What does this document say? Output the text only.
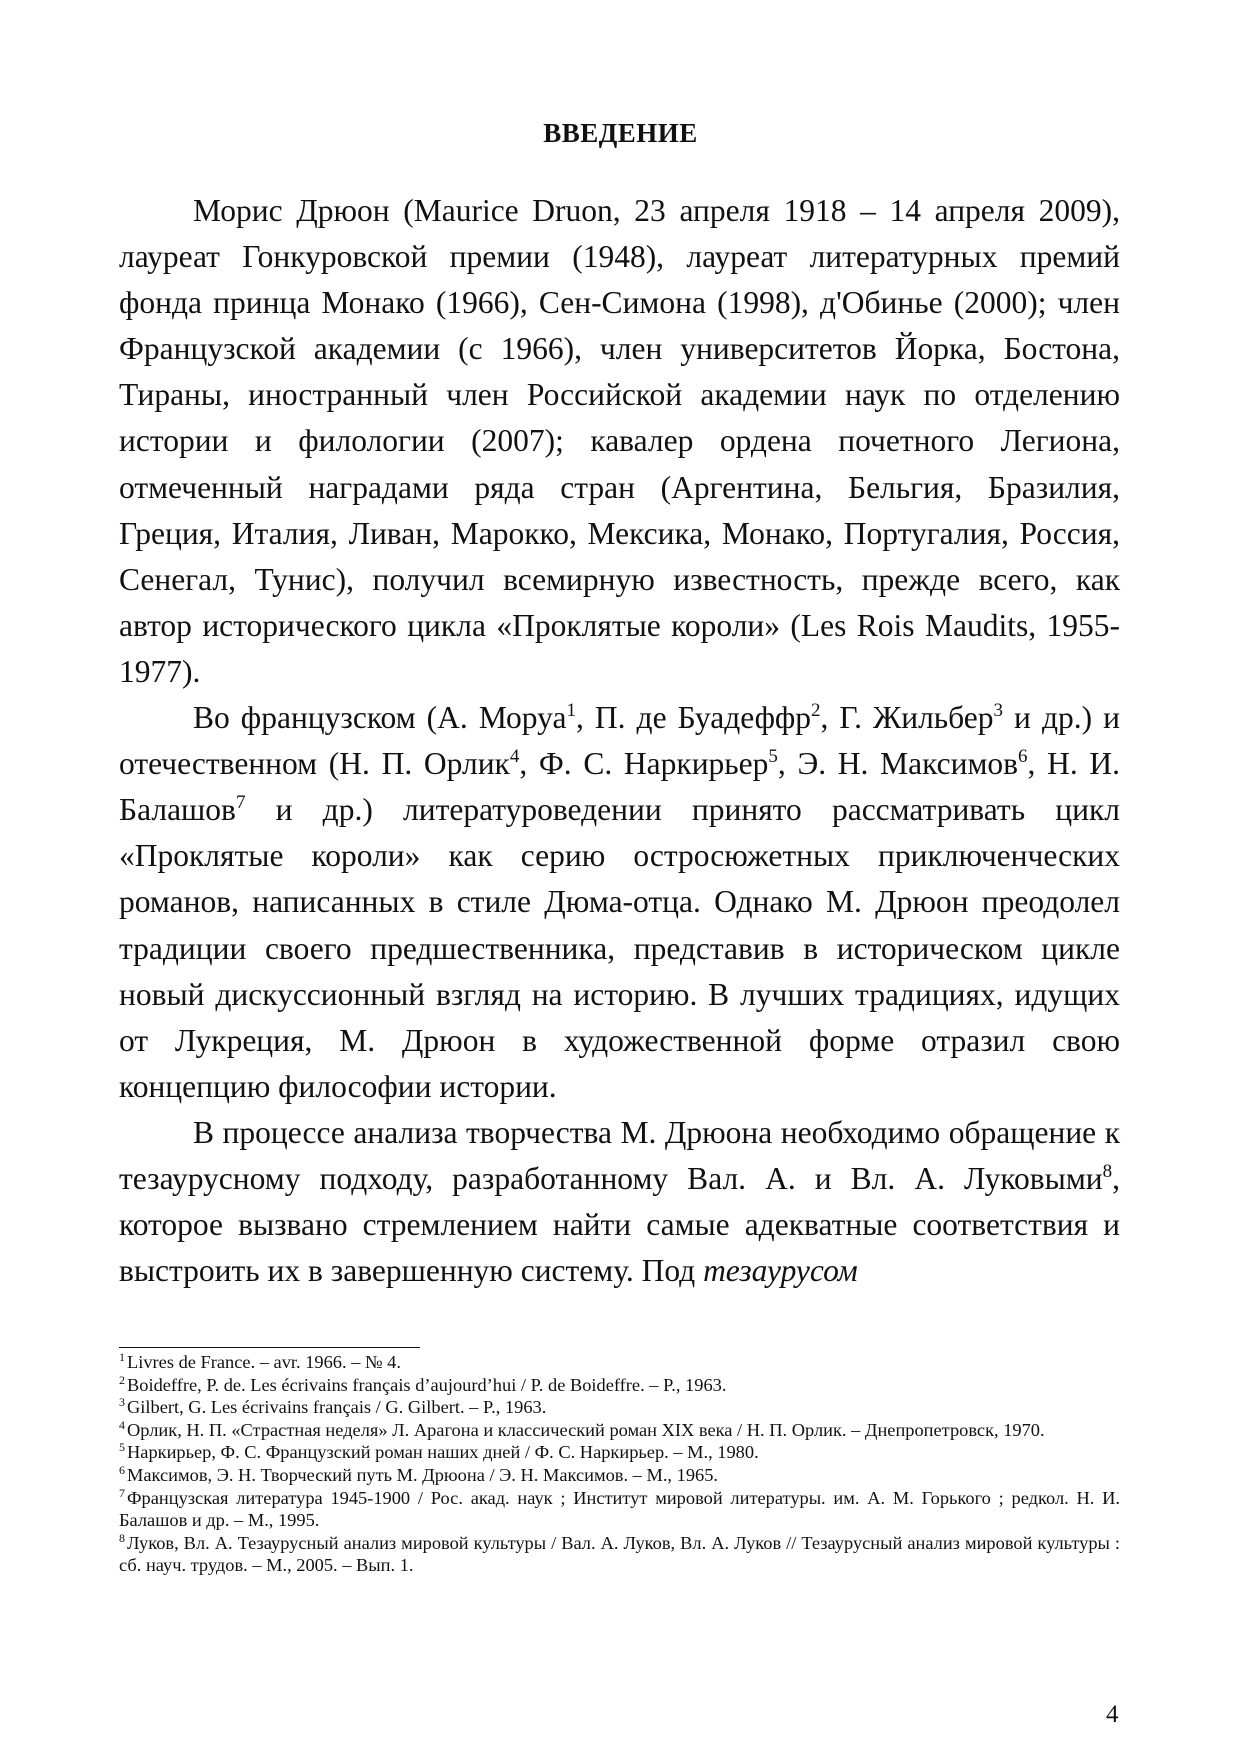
ВВЕДЕНИЕ

Морис Дрюон (Maurice Druon, 23 апреля 1918 – 14 апреля 2009), лауреат Гонкуровской премии (1948), лауреат литературных премий фонда принца Монако (1966), Сен-Симона (1998), д'Обинье (2000); член Французской академии (с 1966), член университетов Йорка, Бостона, Тираны, иностранный член Российской академии наук по отделению истории и филологии (2007); кавалер ордена почетного Легиона, отмеченный наградами ряда стран (Аргентина, Бельгия, Бразилия, Греция, Италия, Ливан, Марокко, Мексика, Монако, Португалия, Россия, Сенегал, Тунис), получил всемирную известность, прежде всего, как автор исторического цикла «Проклятые короли» (Les Rois Maudits, 1955-1977).

Во французском (А. Моруа$^1$, П. де Буадеффр$^2$, Г. Жильбер$^3$ и др.) и отечественном (Н. П. Орлик$^4$, Ф. С. Наркирьер$^5$, Э. Н. Максимов$^6$, Н. И. Балашов$^7$ и др.) литературоведении принято рассматривать цикл «Проклятые короли» как серию остросюжетных приключенческих романов, написанных в стиле Дюма-отца. Однако М. Дрюон преодолел традиции своего предшественника, представив в историческом цикле новый дискуссионный взгляд на историю. В лучших традициях, идущих от Лукреция, М. Дрюон в художественной форме отразил свою концепцию философии истории.

В процессе анализа творчества М. Дрюона необходимо обращение к тезаурусному подходу, разработанному Вал. А. и Вл. А. Луковыми$^8$, которое вызвано стремлением найти самые адекватные соответствия и выстроить их в завершенную систему. Под тезаурусом

$^1$ Livres de France. – avr. 1966. – № 4.

$^2$ Boideffre, P. de. Les écrivains français d’aujourd’hui / P. de Boideffre. – P., 1963.

$^3$ Gilbert, G. Les écrivains français / G. Gilbert. – P., 1963.

$^4$ Орлик, Н. П. «Страстная неделя» Л. Арагона и классический роман XIX века / Н. П. Орлик. – Днепропетровск, 1970.

$^5$ Наркирьер, Ф. С. Французский роман наших дней / Ф. С. Наркирьер. – М., 1980.

$^6$ Максимов, Э. Н. Творческий путь М. Дрюона / Э. Н. Максимов. – М., 1965.

$^7$ Французская литература 1945-1900 / Рос. акад. наук ; Институт мировой литературы. им. А. М. Горького ; редкол. Н. И. Балашов и др. – М., 1995.

$^8$ Луков, Вл. А. Тезаурусный анализ мировой культуры / Вал. А. Луков, Вл. А. Луков // Тезаурусный анализ мировой культуры : сб. науч. трудов. – М., 2005. – Вып. 1.

4
